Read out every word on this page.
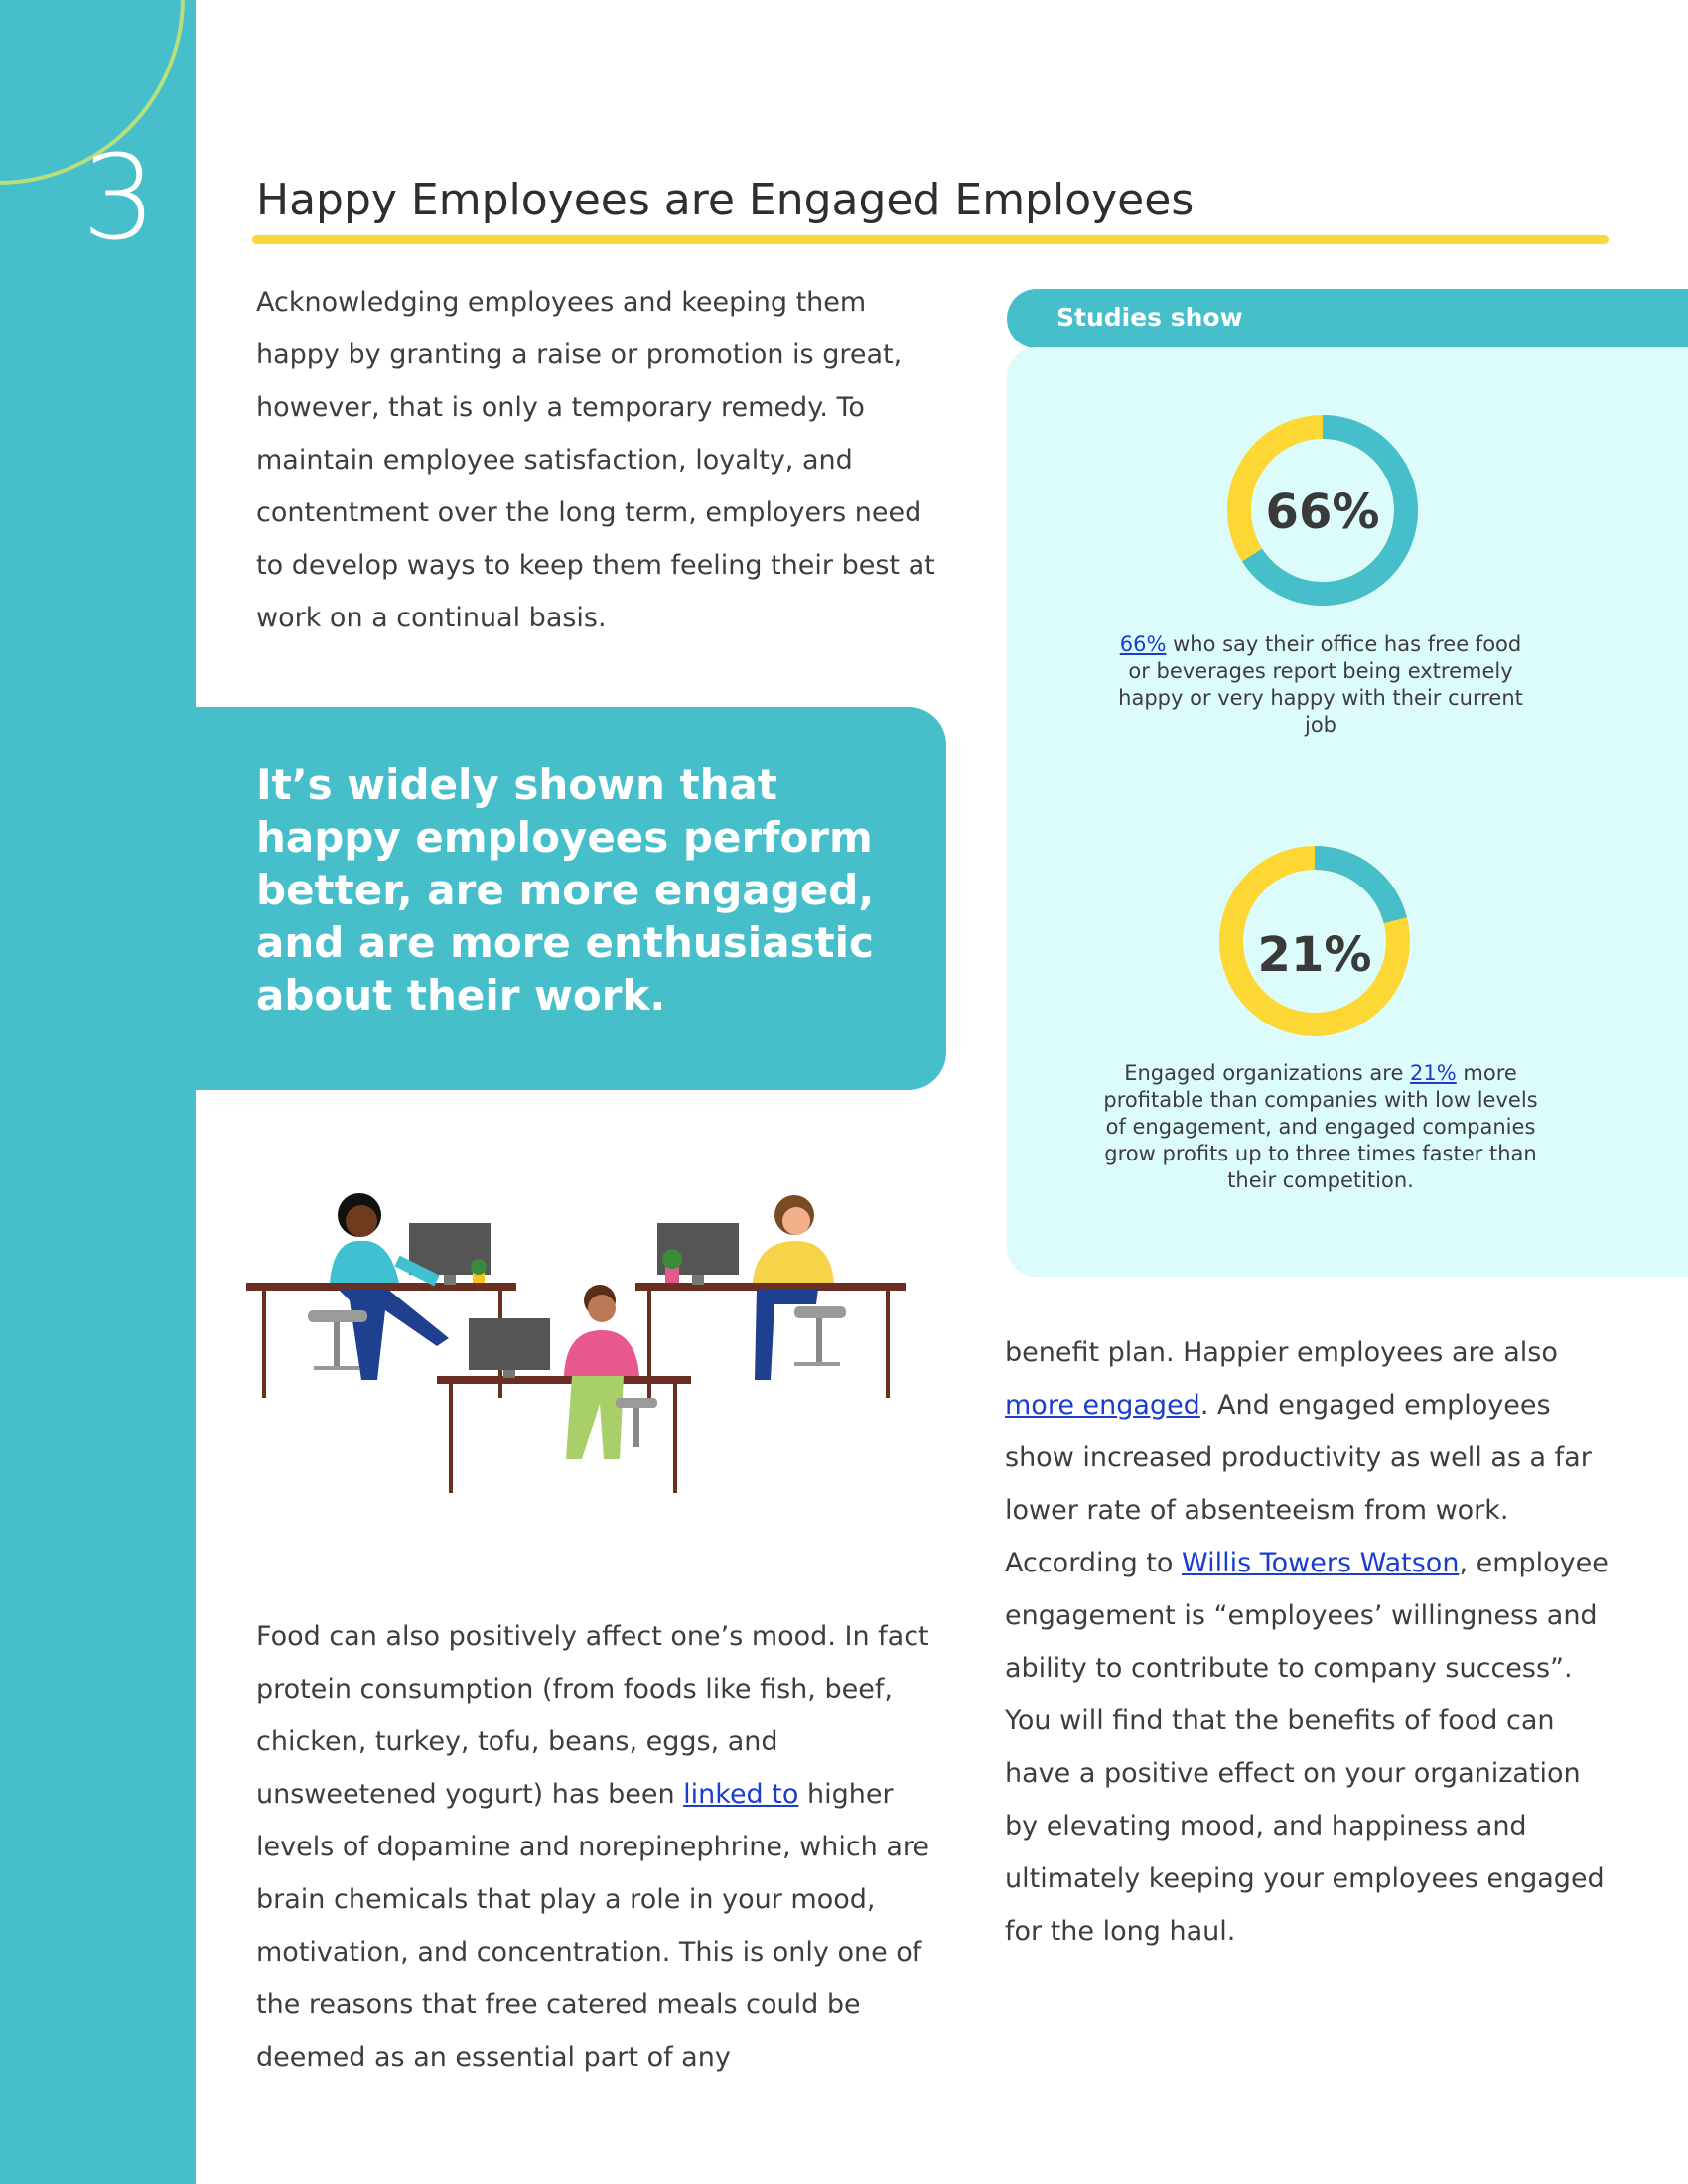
3 Happy Employees are Engaged Employees

Acknowledging employees and keeping them happy by granting a raise or promotion is great, however, that is only a temporary remedy. To maintain employee satisfaction, loyalty, and contentment over the long term, employers need to develop ways to keep them feeling their best at work on a continual basis.

It’s widely shown that happy employees perform better, are more engaged, and are more enthusiastic about their work.

Food can also positively affect one’s mood. In fact protein consumption (from foods like fish, beef, chicken, turkey, tofu, beans, eggs, and unsweetened yogurt) has been linked to higher levels of dopamine and norepinephrine, which are brain chemicals that play a role in your mood, motivation, and concentration. This is only one of the reasons that free catered meals could be deemed as an essential part of any

benefit plan. Happier employees are also more engaged. And engaged employees show increased productivity as well as a far lower rate of absenteeism from work. According to Willis Towers Watson, employee engagement is “employees’ willingness and ability to contribute to company success”. You will find that the benefits of food can have a positive effect on your organization by elevating mood, and happiness and ultimately keeping your employees engaged for the long haul.

Studies show
66%
66% who say their office has free food or beverages report being extremely happy or very happy with their current job
21%
Engaged organizations are 21% more profitable than companies with low levels of engagement, and engaged companies grow profits up to three times faster than their competition.
